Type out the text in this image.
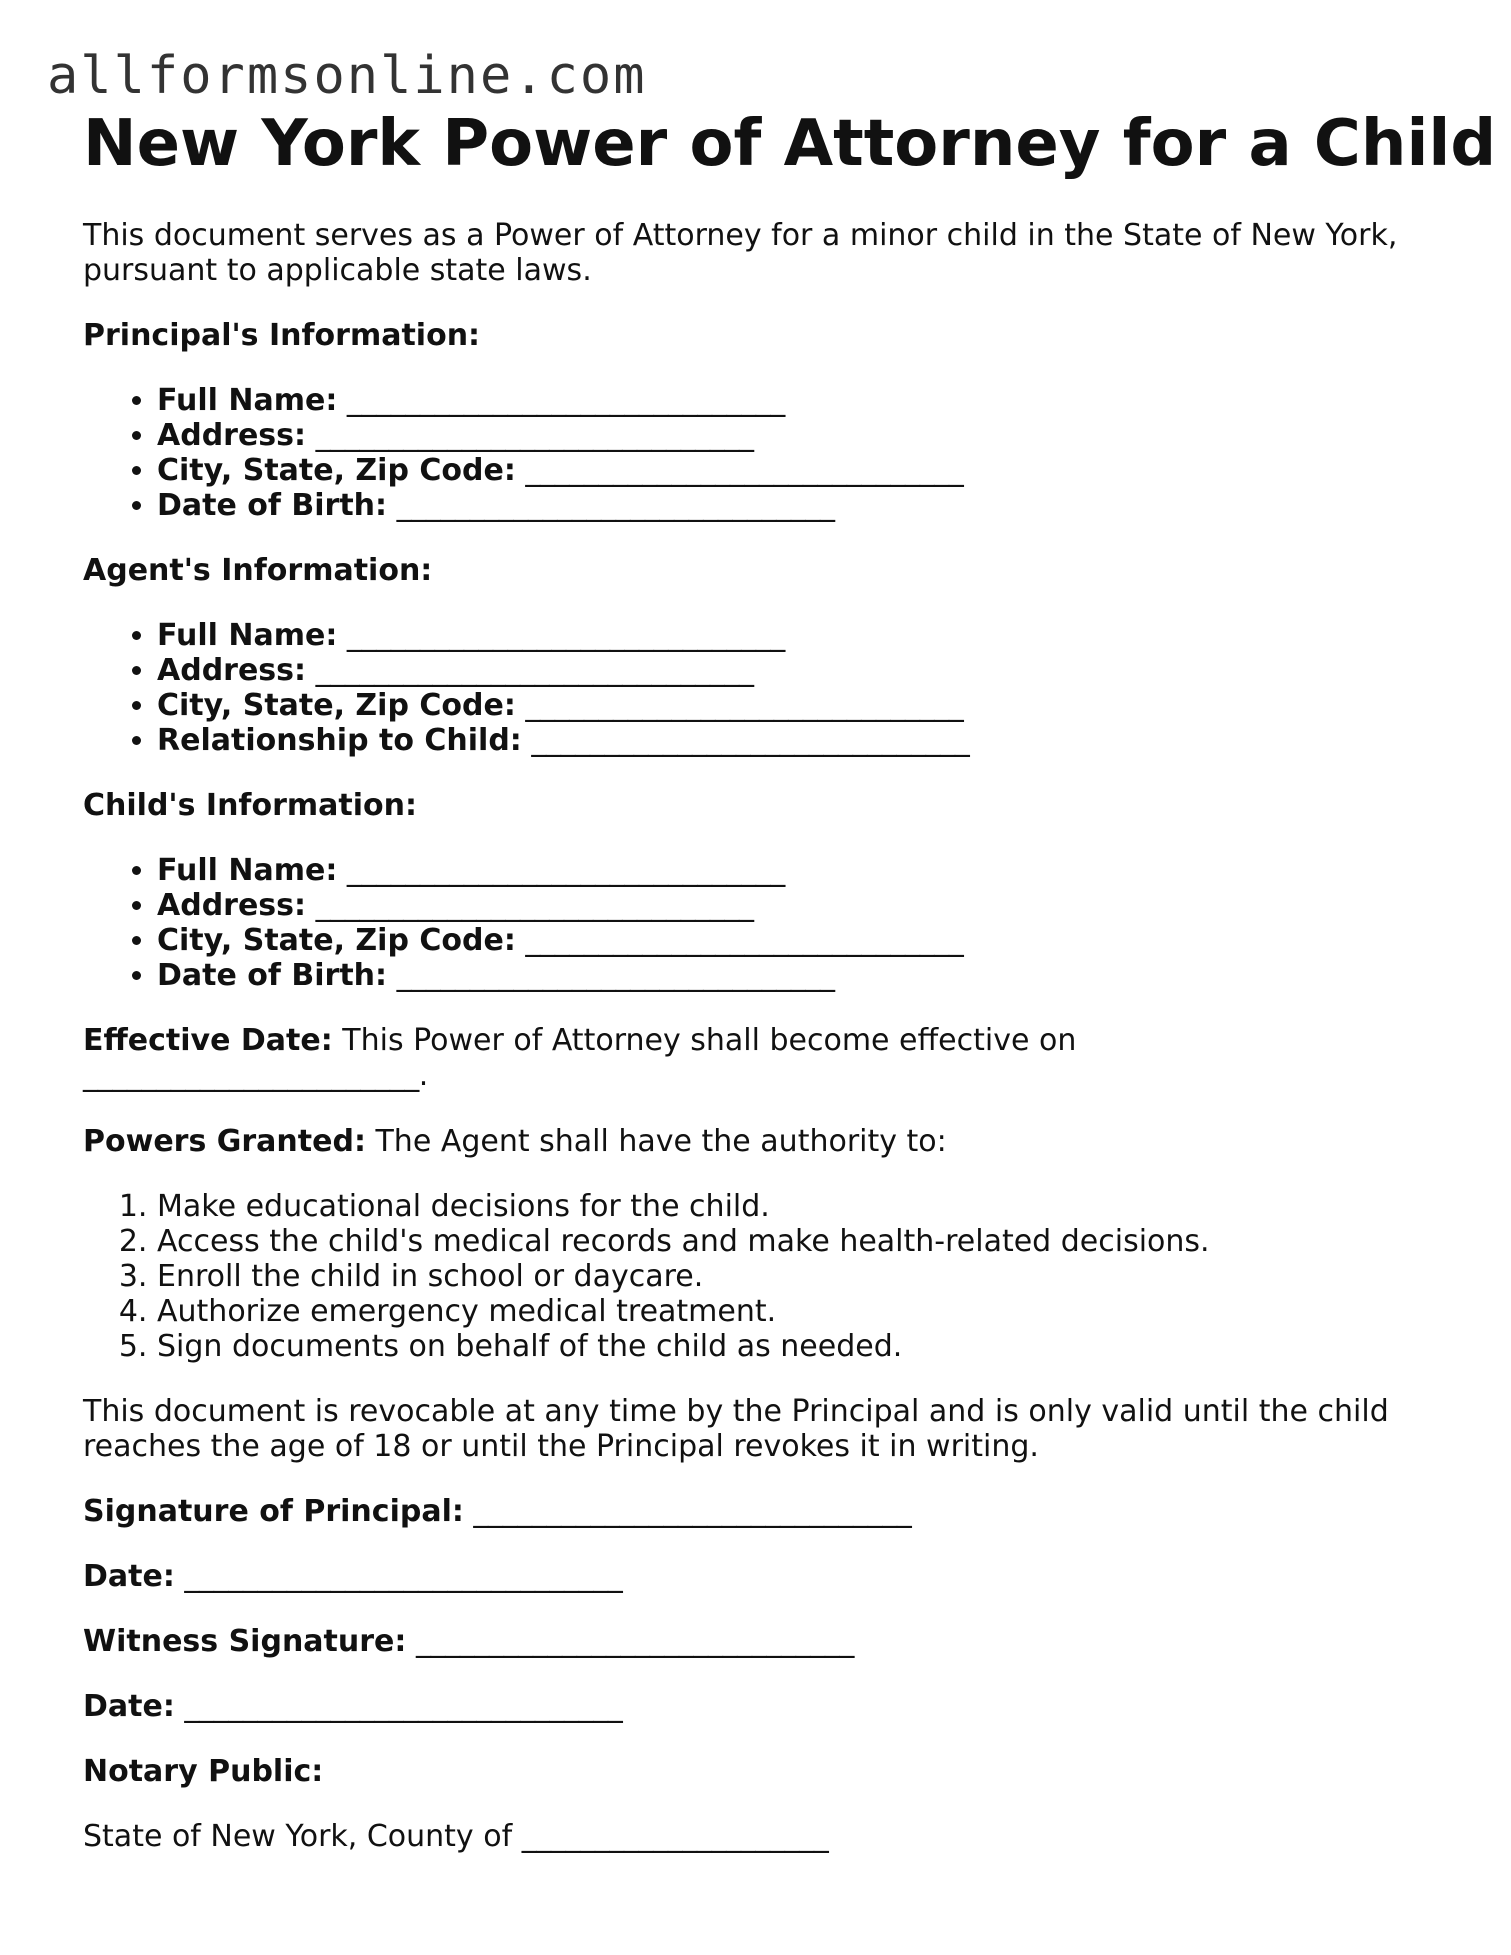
allforms​online.com
New York Power of Attorney for a Child

This document serves as a Power of Attorney for a minor child in the State of New York, pursuant to applicable state laws.

Principal's Information:

• Full Name: ______________________________
• Address: ______________________________
• City, State, Zip Code: ______________________________
• Date of Birth: ______________________________

Agent's Information:

• Full Name: ______________________________
• Address: ______________________________
• City, State, Zip Code: ______________________________
• Relationship to Child: ______________________________

Child's Information:

• Full Name: ______________________________
• Address: ______________________________
• City, State, Zip Code: ______________________________
• Date of Birth: ______________________________

Effective Date: This Power of Attorney shall become effective on
_______________________.

Powers Granted: The Agent shall have the authority to:

1. Make educational decisions for the child.
2. Access the child's medical records and make health-related decisions.
3. Enroll the child in school or daycare.
4. Authorize emergency medical treatment.
5. Sign documents on behalf of the child as needed.

This document is revocable at any time by the Principal and is only valid until the child reaches the age of 18 or until the Principal revokes it in writing.

Signature of Principal: ______________________________

Date: ______________________________

Witness Signature: ______________________________

Date: ______________________________

Notary Public:

State of New York, County of _____________________
